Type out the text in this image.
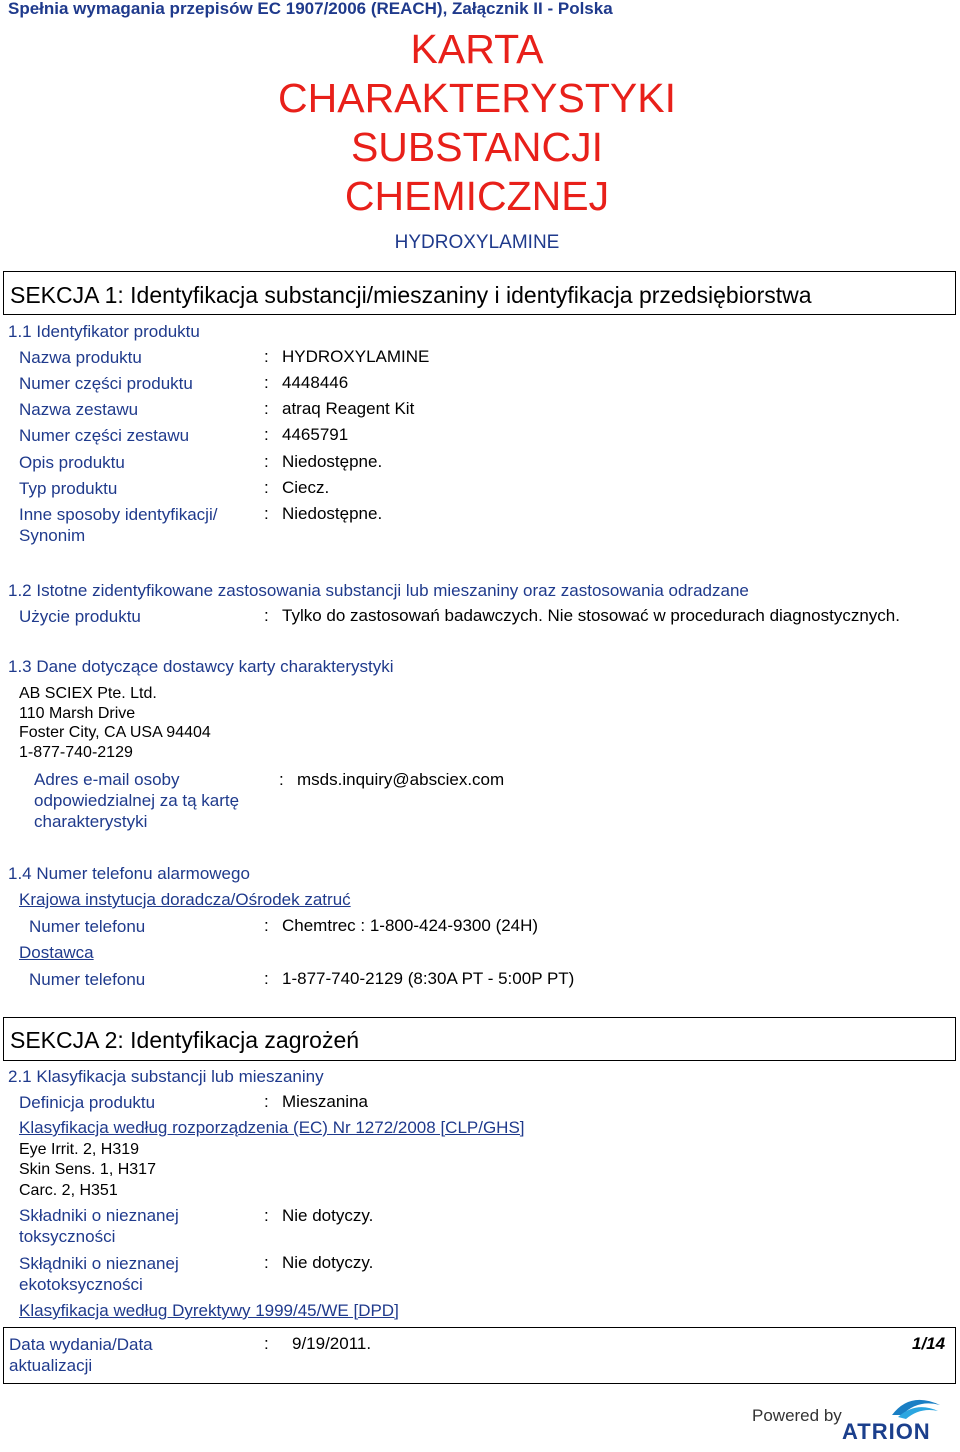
Spełnia wymagania przepisów EC 1907/2006 (REACH), Załącznik II - Polska
KARTA
CHARAKTERYSTYKI
SUBSTANCJI
CHEMICZNEJ
HYDROXYLAMINE
SEKCJA 1: Identyfikacja substancji/mieszaniny i identyfikacja przedsiębiorstwa
1.1 Identyfikator produktu
Nazwa produktu	: HYDROXYLAMINE
Numer części produktu	: 4448446
Nazwa zestawu	: atraq Reagent Kit
Numer części zestawu	: 4465791
Opis produktu	: Niedostępne.
Typ produktu	: Ciecz.
Inne sposoby identyfikacji/
Synonim
: Niedostępne.
1.2 Istotne zidentyfikowane zastosowania substancji lub mieszaniny oraz zastosowania odradzane
Użycie produktu	: Tylko do zastosowań badawczych. Nie stosować w procedurach diagnostycznych.
1.3 Dane dotyczące dostawcy karty charakterystyki
AB SCIEX Pte. Ltd.
110 Marsh Drive
Foster City, CA USA 94404
1-877-740-2129
Adres e-mail osoby
odpowiedzialnej za tą kartę
charakterystyki
: msds.inquiry@absciex.com
1.4 Numer telefonu alarmowego
Krajowa instytucja doradcza/Ośrodek zatruć
Numer telefonu	: Chemtrec : 1-800-424-9300 (24H)
Dostawca
Numer telefonu	: 1-877-740-2129 (8:30A PT - 5:00P PT)
SEKCJA 2: Identyfikacja zagrożeń
2.1 Klasyfikacja substancji lub mieszaniny
Definicja produktu	: Mieszanina
Klasyfikacja według rozporządzenia (EC) Nr 1272/2008 [CLP/GHS]
Eye Irrit. 2, H319
Skin Sens. 1, H317
Carc. 2, H351
Składniki o nieznanej
toksyczności
: Nie dotyczy.
Skłądniki o nieznanej
ekotoksyczności
: Nie dotyczy.
Klasyfikacja według Dyrektywy 1999/45/WE [DPD]
Data wydania/Data
aktualizacji
: 9/19/2011.	1/14
Powered by
ATRION
